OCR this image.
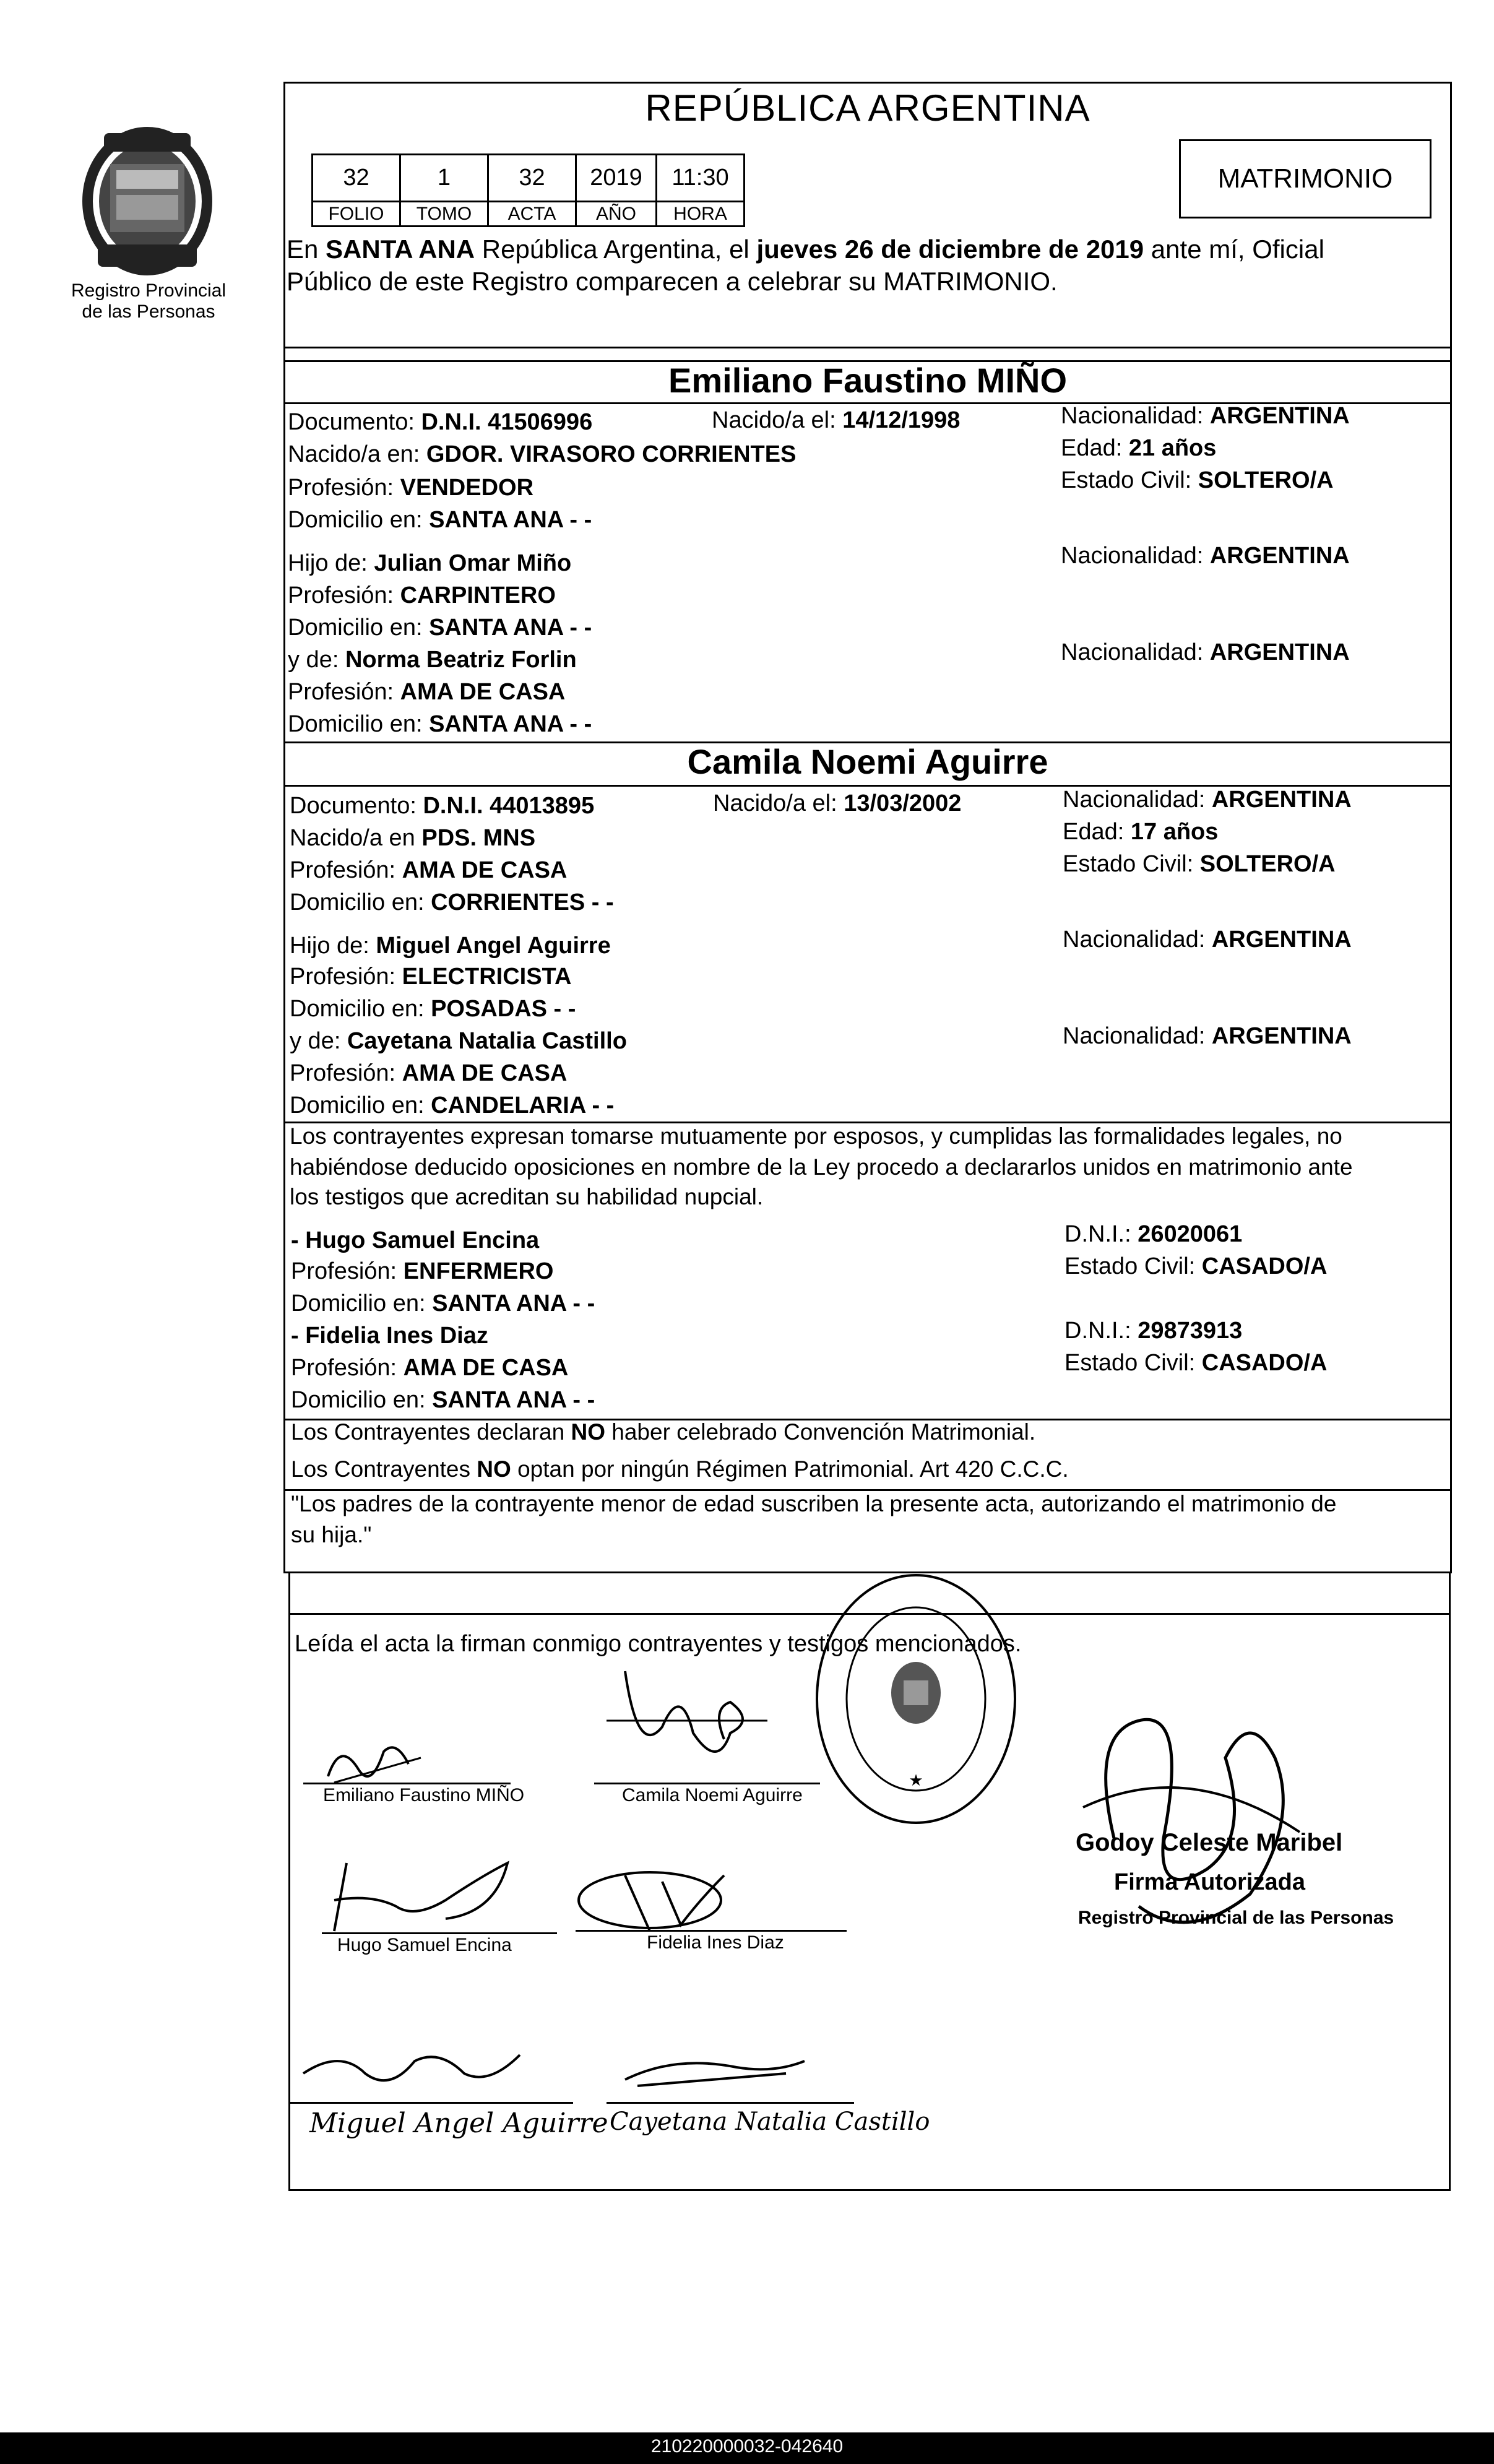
Registro Provincial
de las Personas
REPÚBLICA ARGENTINA
32	1	32	2019	11:30
FOLIO	TOMO	ACTA	AÑO	HORA
MATRIMONIO
En SANTA ANA República Argentina, el jueves 26 de diciembre de 2019 ante mí, Oficial
Público de este Registro comparecen a celebrar su MATRIMONIO.
Emiliano Faustino MIÑO
Documento: D.N.I. 41506996	Nacido/a el: 14/12/1998	Nacionalidad: ARGENTINA
Nacido/a en: GDOR. VIRASORO CORRIENTES	Edad: 21 años
Profesión: VENDEDOR	Estado Civil: SOLTERO/A
Domicilio en: SANTA ANA - -
Hijo de: Julian Omar Miño	Nacionalidad: ARGENTINA
Profesión: CARPINTERO
Domicilio en: SANTA ANA - -
y de: Norma Beatriz Forlin	Nacionalidad: ARGENTINA
Profesión: AMA DE CASA
Domicilio en: SANTA ANA - -
Camila Noemi Aguirre
Documento: D.N.I. 44013895	Nacido/a el: 13/03/2002	Nacionalidad: ARGENTINA
Nacido/a en PDS. MNS	Edad: 17 años
Profesión: AMA DE CASA	Estado Civil: SOLTERO/A
Domicilio en: CORRIENTES - -
Hijo de: Miguel Angel Aguirre	Nacionalidad: ARGENTINA
Profesión: ELECTRICISTA
Domicilio en: POSADAS - -
y de: Cayetana Natalia Castillo	Nacionalidad: ARGENTINA
Profesión: AMA DE CASA
Domicilio en: CANDELARIA - -
Los contrayentes expresan tomarse mutuamente por esposos, y cumplidas las formalidades legales, no
habiéndose deducido oposiciones en nombre de la Ley procedo a declararlos unidos en matrimonio ante
los testigos que acreditan su habilidad nupcial.
- Hugo Samuel Encina	D.N.I.: 26020061
Profesión: ENFERMERO	Estado Civil: CASADO/A
Domicilio en: SANTA ANA - -
- Fidelia Ines Diaz	D.N.I.: 29873913
Profesión: AMA DE CASA	Estado Civil: CASADO/A
Domicilio en: SANTA ANA - -
Los Contrayentes declaran NO haber celebrado Convención Matrimonial.
Los Contrayentes NO optan por ningún Régimen Patrimonial. Art 420 C.C.C.
"Los padres de la contrayente menor de edad suscriben la presente acta, autorizando el matrimonio de
su hija."
Leída el acta la firman conmigo contrayentes y testigos mencionados.
★
Emiliano Faustino MIÑO	Camila Noemi Aguirre
Hugo Samuel Encina	Fidelia Ines Diaz
Miguel Angel Aguirre Cayetana Natalia Castillo
Godoy Celeste Maribel
Firma Autorizada
Registro Provincial de las Personas
210220000032-042640
